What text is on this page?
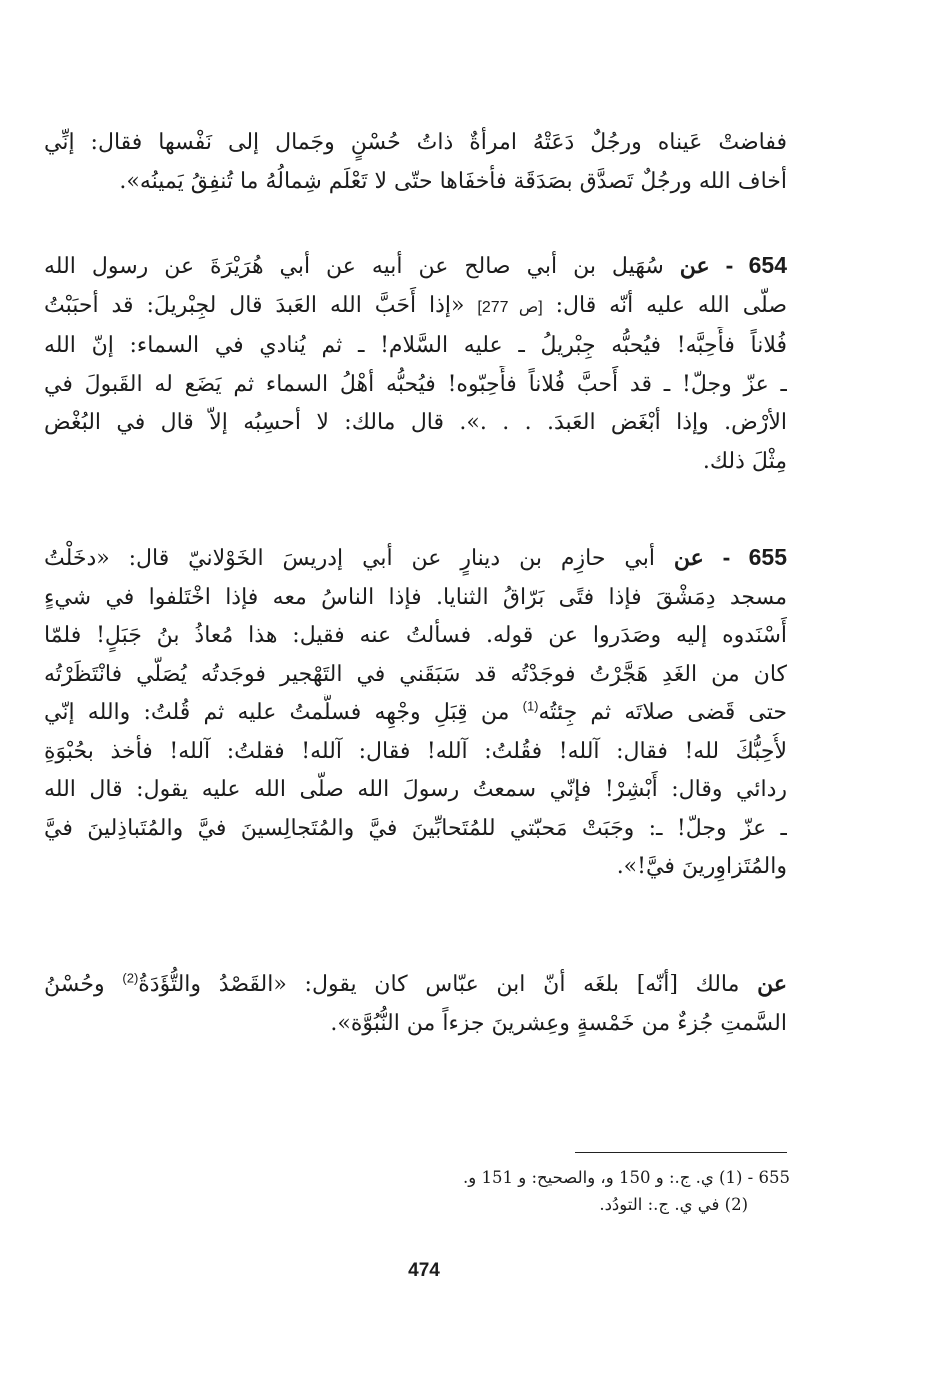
ففاضتْ عَيناه ورجُلٌ دَعَتْهُ امرأةٌ ذاتُ حُسْنٍ وجَمال إلى نَفْسها فقال: إنِّي
أخاف الله ورجُلٌ تَصدَّق بصَدَقَة فأخفَاها حتّى لا تَعْلَم شِمالُهُ ما تُنفِقُ يَمينُه».
654 - عن سُهَيل بن أبي صالح عن أبيه عن أبي هُرَيْرَةَ عن رسول الله
صلّى الله عليه أنّه قال: [ص 277] «إذا أَحَبَّ الله العَبدَ قال لجِبْريلَ: قد أحبَبْتُ
فُلاناً فأَحِبَّه! فيُحبُّه جِبْريلُ ـ عليه السَّلام! ـ ثم يُنادي في السماء: إنّ الله
ـ عزّ وجلّ! ـ قد أَحبَّ فُلاناً فأَحِبّوه! فيُحبُّه أهْلُ السماء ثم يَضَع له القَبولَ في
الأرْض. وإذا أبْغَض العَبدَ. . . .». قال مالك: لا أحسِبُه إلاّ قال في البُغْض
مِثْلَ ذلك.
655 - عن أبي حازِم بن دينارٍ عن أبي إدريسَ الخَوْلانيّ قال: «دخَلْتُ
مسجد دِمَشْقَ فإذا فتًى بَرّاقُ الثنايا. فإذا الناسُ معه فإذا اخْتَلفوا في شيءٍ
أَسْنَدوه إليه وصَدَروا عن قوله. فسألتُ عنه فقيل: هذا مُعاذُ بنُ جَبَلٍ! فلمّا
كان من الغَدِ هَجَّرْتُ فوجَدْتُه قد سَبَقَني في التَهْجير فوجَدتُه يُصَلّي فانْتَظَرْتُه
حتى قَضى صلاتَه ثم جِئتُه$^{(1)}$ من قِبَلِ وجْهِه فسلَّمتُ عليه ثم قُلتُ: والله إنّي
لأُحِبُّكَ لله! فقال: آلله! فقُلتُ: آلله! فقال: آلله! فقلتُ: آلله! فأخذ بحُبْوَةِ
ردائي وقال: أَبْشِرْ! فإنّي سمعتُ رسولَ الله صلّى الله عليه يقول: قال الله
ـ عزّ وجلّ! ـ: وجَبَتْ مَحبّتي للمُتَحابِّينَ فيَّ والمُتَجالِسينَ فيَّ والمُتَباذِلينَ فيَّ
والمُتَزاوِرينَ فيَّ!».
عن مالك [أنّه] بلغَه أنّ ابن عبّاس كان يقول: «القَصْدُ والتُّؤَدَةُ$^{(2)}$ وحُسْنُ
السَّمتِ جُزءٌ من خَمْسةٍ وعِشرينَ جزءاً من النُّبُوَّة».
655 - (1) ي. ج.: و 150 و، والصحيح: و 151 و.
(2) في ي. ج.: التودُد.
474
